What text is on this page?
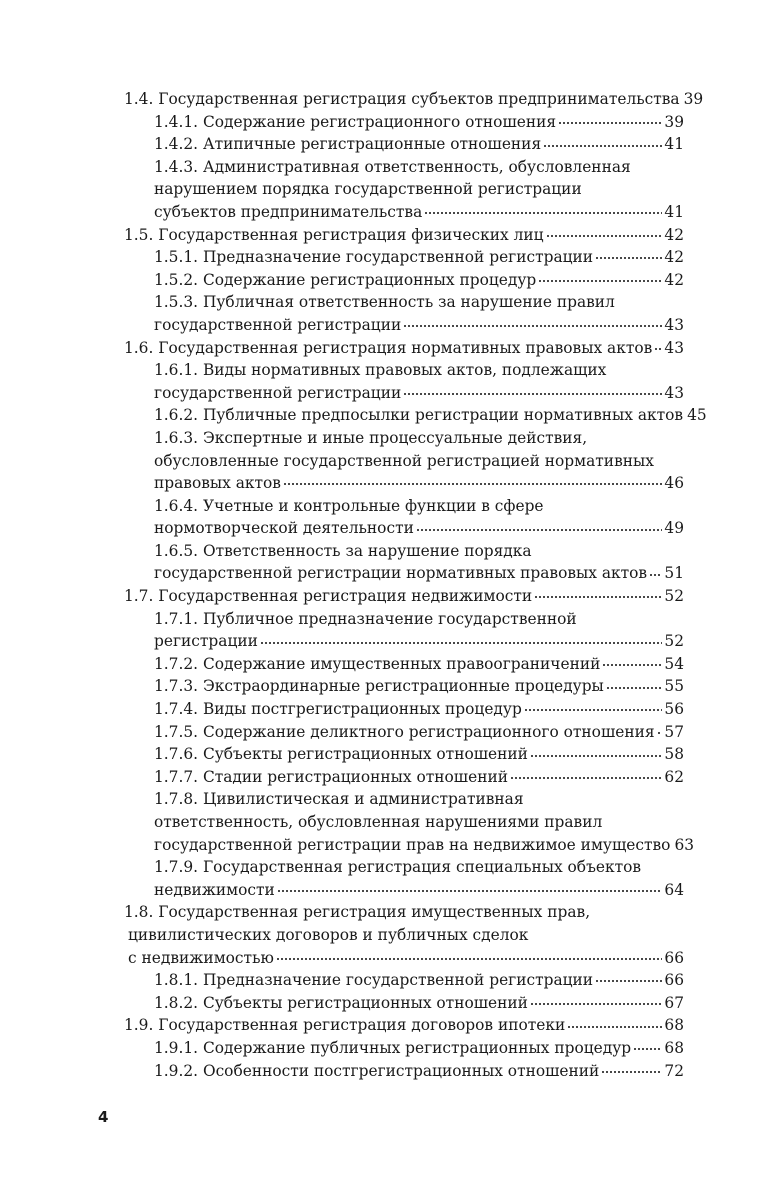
1.4. Государственная регистрация субъектов предпринимательства 39
1.4.1. Содержание регистрационного отношения	39
1.4.2. Атипичные регистрационные отношения	41
1.4.3. Административная ответственность, обусловленная
нарушением порядка государственной регистрации
субъектов предпринимательства	41
1.5. Государственная регистрация физических лиц	42
1.5.1. Предназначение государственной регистрации	42
1.5.2. Содержание регистрационных процедур	42
1.5.3. Публичная ответственность за нарушение правил
государственной регистрации	43
1.6. Государственная регистрация нормативных правовых актов 43
1.6.1. Виды нормативных правовых актов, подлежащих
государственной регистрации	43
1.6.2. Публичные предпосылки регистрации нормативных актов 45
1.6.3. Экспертные и иные процессуальные действия,
обусловленные государственной регистрацией нормативных
правовых актов	46
1.6.4. Учетные и контрольные функции в сфере
нормотворческой деятельности	49
1.6.5. Ответственность за нарушение порядка
государственной регистрации нормативных правовых актов 51
1.7. Государственная регистрация недвижимости	52
1.7.1. Публичное предназначение государственной
регистрации	52
1.7.2. Содержание имущественных правоограничений	54
1.7.3. Экстраординарные регистрационные процедуры	55
1.7.4. Виды постгрегистрационных процедур	56
1.7.5. Содержание деликтного регистрационного отношения 57
1.7.6. Субъекты регистрационных отношений	58
1.7.7. Стадии регистрационных отношений	62
1.7.8. Цивилистическая и административная
ответственность, обусловленная нарушениями правил
государственной регистрации прав на недвижимое имущество 63
1.7.9. Государственная регистрация специальных объектов
недвижимости	64
1.8. Государственная регистрация имущественных прав,
цивилистических договоров и публичных сделок
с недвижимостью	66
1.8.1. Предназначение государственной регистрации	66
1.8.2. Субъекты регистрационных отношений	67
1.9. Государственная регистрация договоров ипотеки	68
1.9.1. Содержание публичных регистрационных процедур 68
1.9.2. Особенности постгрегистрационных отношений	72
4
